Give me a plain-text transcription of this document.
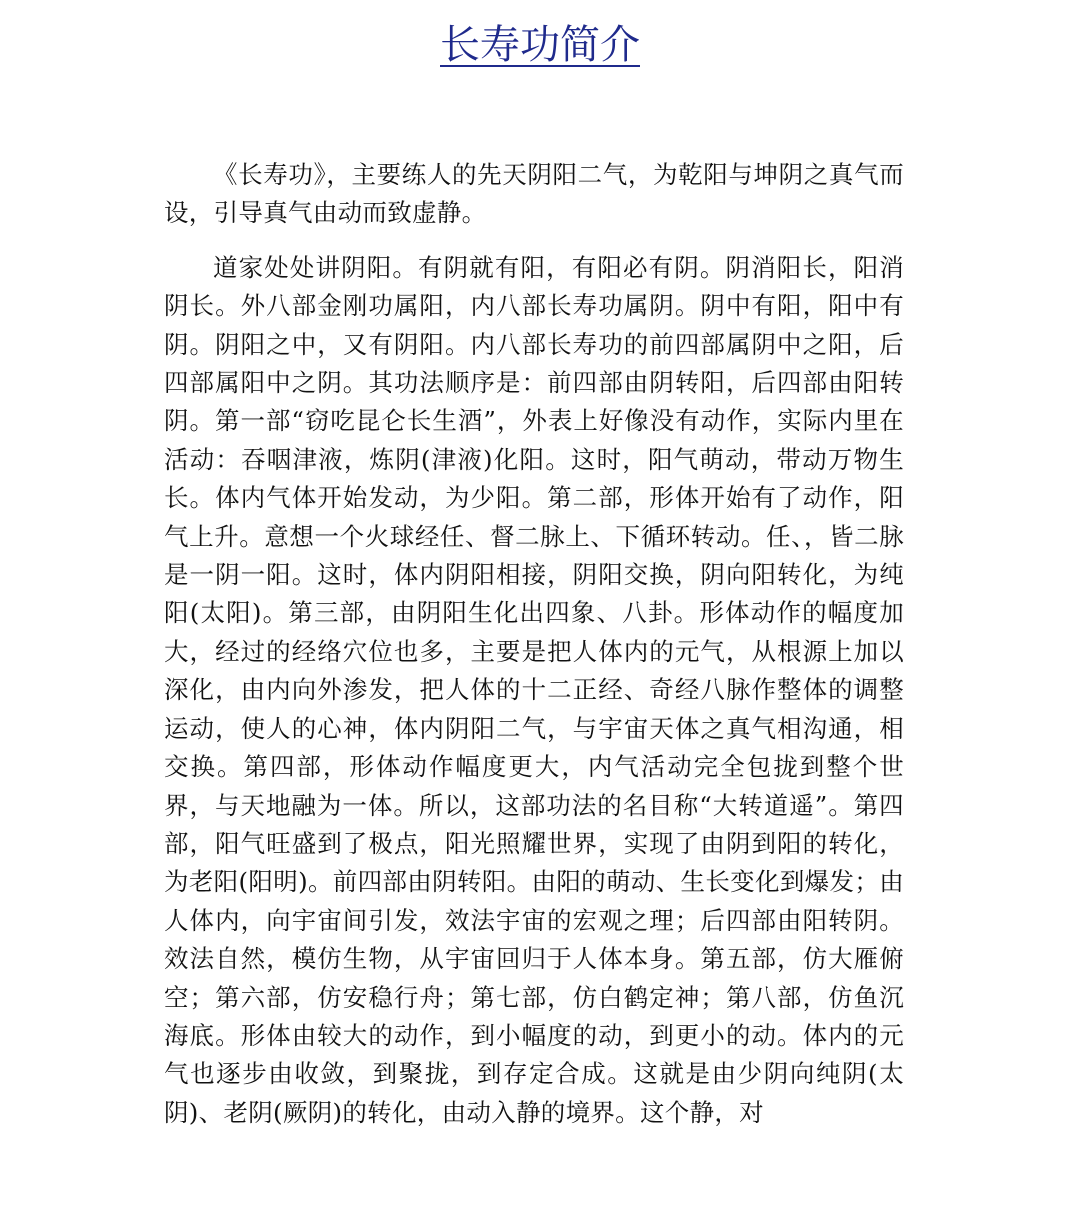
长寿功简介

《长寿功》，主要练人的先天阴阳二气，为乾阳与坤阴之真气而设，引导真气由动而致虚静。

道家处处讲阴阳。有阴就有阳，有阳必有阴。阴消阳长，阳消阴长。外八部金刚功属阳，内八部长寿功属阴。阴中有阳，阳中有阴。阴阳之中，又有阴阳。内八部长寿功的前四部属阴中之阳，后四部属阳中之阴。其功法顺序是：前四部由阴转阳，后四部由阳转阴。第一部“窃吃昆仑长生酒”，外表上好像没有动作，实际内里在活动：吞咽津液，炼阴(津液)化阳。这时，阳气萌动，带动万物生长。体内气体开始发动，为少阳。第二部，形体开始有了动作，阳气上升。意想一个火球经任、督二脉上、下循环转动。任、，皆二脉是一阴一阳。这时，体内阴阳相接，阴阳交换，阴向阳转化，为纯阳(太阳)。第三部，由阴阳生化出四象、八卦。形体动作的幅度加大，经过的经络穴位也多，主要是把人体内的元气，从根源上加以深化，由内向外渗发，把人体的十二正经、奇经八脉作整体的调整运动，使人的心神，体内阴阳二气，与宇宙天体之真气相沟通，相交换。第四部，形体动作幅度更大，内气活动完全包拢到整个世界，与天地融为一体。所以，这部功法的名目称“大转道遥”。第四部，阳气旺盛到了极点，阳光照耀世界，实现了由阴到阳的转化，为老阳(阳明)。前四部由阴转阳。由阳的萌动、生长变化到爆发；由人体内，向宇宙间引发，效法宇宙的宏观之理；后四部由阳转阴。效法自然，模仿生物，从宇宙回归于人体本身。第五部，仿大雁俯空；第六部，仿安稳行舟；第七部，仿白鹤定神；第八部，仿鱼沉海底。形体由较大的动作，到小幅度的动，到更小的动。体内的元气也逐步由收敛，到聚拢，到存定合成。这就是由少阴向纯阴(太阴)、老阴(厥阴)的转化，由动入静的境界。这个静，对
